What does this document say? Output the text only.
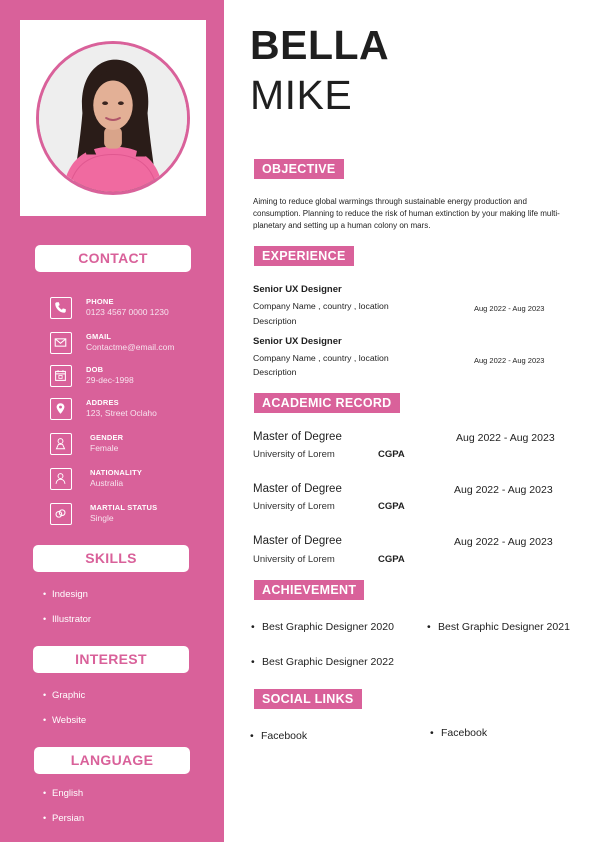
CONTACT
PHONE
0123 4567 0000 1230
GMAIL
Contactme@email.com
DOB
29-dec-1998
ADDRES
123, Street Oclaho
GENDER
Female
NATIONALITY
Australia
MARTIAL STATUS
Single
SKILLS
• Indesign
• Illustrator
INTEREST
• Graphic
• Website
LANGUAGE
• English
• Persian
BELLA
MIKE
OBJECTIVE

Aiming to reduce global warmings through sustainable energy production and consumption. Planning to reduce the risk of human extinction by your making life multi-planetary and setting up a human colony on mars.

EXPERIENCE
Senior UX Designer
Company Name , country , location
Description
Aug 2022 - Aug 2023
Senior UX Designer
Company Name , country , location
Description
Aug 2022 - Aug 2023
ACADEMIC RECORD
Master of Degree
University of Lorem	CGPA
Aug 2022 - Aug 2023
Master of Degree
University of Lorem	CGPA
Aug 2022 - Aug 2023
Master of Degree
University of Lorem	CGPA
Aug 2022 - Aug 2023
ACHIEVEMENT
• Best Graphic Designer 2020	• Best Graphic Designer 2021
• Best Graphic Designer 2022
SOCIAL LINKS
• Facebook	• Facebook
